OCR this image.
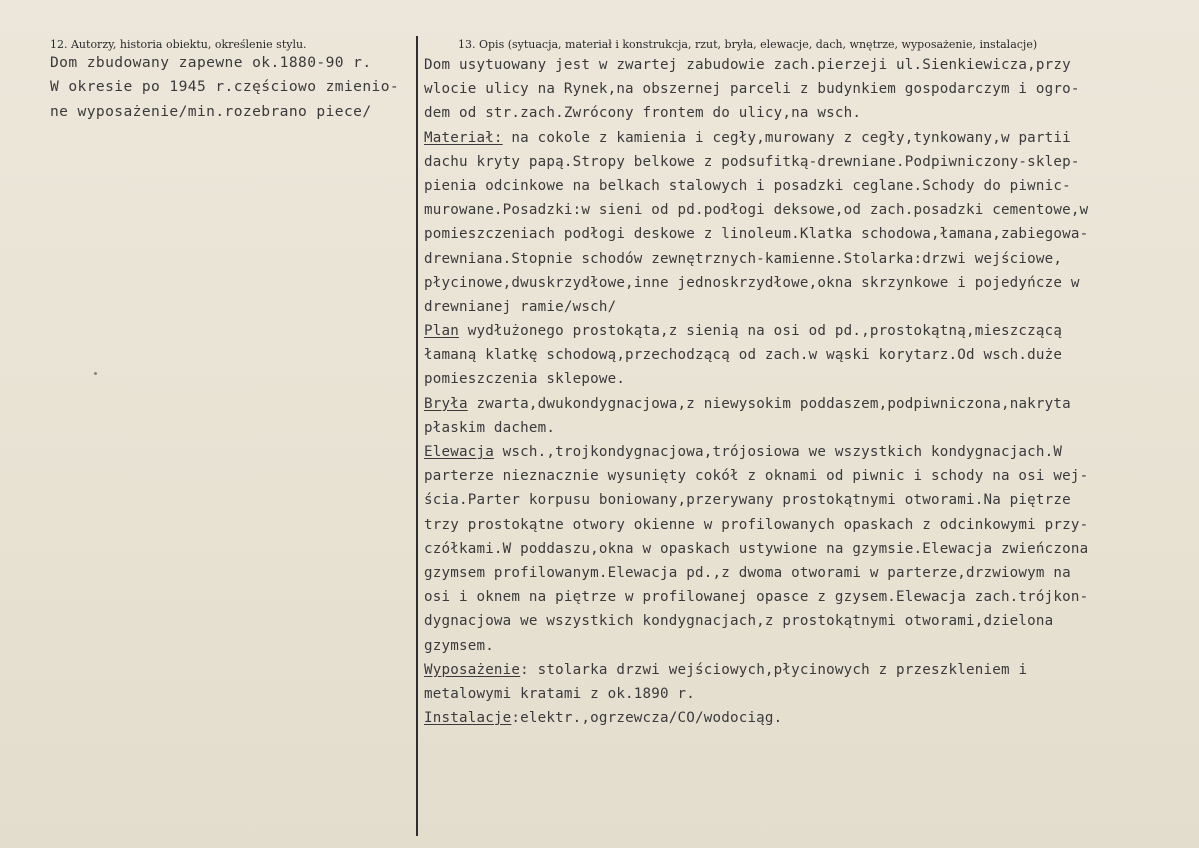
12. Autorzy, historia obiektu, określenie stylu.	13. Opis (sytuacja, materiał i konstrukcja, rzut, bryła, elewacje, dach, wnętrze, wyposażenie, instalacje)
Dom zbudowany zapewne ok.1880-90 r.
W okresie po 1945 r.częściowo zmienio-
ne wyposażenie/min.rozebrano piece/
Dom usytuowany jest w zwartej zabudowie zach.pierzeji ul.Sienkiewicza,przy
wlocie ulicy na Rynek,na obszernej parceli z budynkiem gospodarczym i ogro-
dem od str.zach.Zwrócony frontem do ulicy,na wsch.
Materiał: na cokole z kamienia i cegły,murowany z cegły,tynkowany,w partii
dachu kryty papą.Stropy belkowe z podsufitką-drewniane.Podpiwniczony-sklep-
pienia odcinkowe na belkach stalowych i posadzki ceglane.Schody do piwnic-
murowane.Posadzki:w sieni od pd.podłogi deksowe,od zach.posadzki cementowe,w
pomieszczeniach podłogi deskowe z linoleum.Klatka schodowa,łamana,zabiegowa-
drewniana.Stopnie schodów zewnętrznych-kamienne.Stolarka:drzwi wejściowe,
płycinowe,dwuskrzydłowe,inne jednoskrzydłowe,okna skrzynkowe i pojedyńcze w
drewnianej ramie/wsch/
Plan wydłużonego prostokąta,z sienią na osi od pd.,prostokątną,mieszczącą
łamaną klatkę schodową,przechodzącą od zach.w wąski korytarz.Od wsch.duże
pomieszczenia sklepowe.
Bryła zwarta,dwukondygnacjowa,z niewysokim poddaszem,podpiwniczona,nakryta
płaskim dachem.
Elewacja wsch.,trojkondygnacjowa,trójosiowa we wszystkich kondygnacjach.W
parterze nieznacznie wysunięty cokół z oknami od piwnic i schody na osi wej-
ścia.Parter korpusu boniowany,przerywany prostokątnymi otworami.Na piętrze
trzy prostokątne otwory okienne w profilowanych opaskach z odcinkowymi przy-
czółkami.W poddaszu,okna w opaskach ustywione na gzymsie.Elewacja zwieńczona
gzymsem profilowanym.Elewacja pd.,z dwoma otworami w parterze,drzwiowym na
osi i oknem na piętrze w profilowanej opasce z gzysem.Elewacja zach.trójkon-
dygnacjowa we wszystkich kondygnacjach,z prostokątnymi otworami,dzielona
gzymsem.
Wyposażenie: stolarka drzwi wejściowych,płycinowych z przeszkleniem i
metalowymi kratami z ok.1890 r.
Instalacje:elektr.,ogrzewcza/CO/wodociąg.
